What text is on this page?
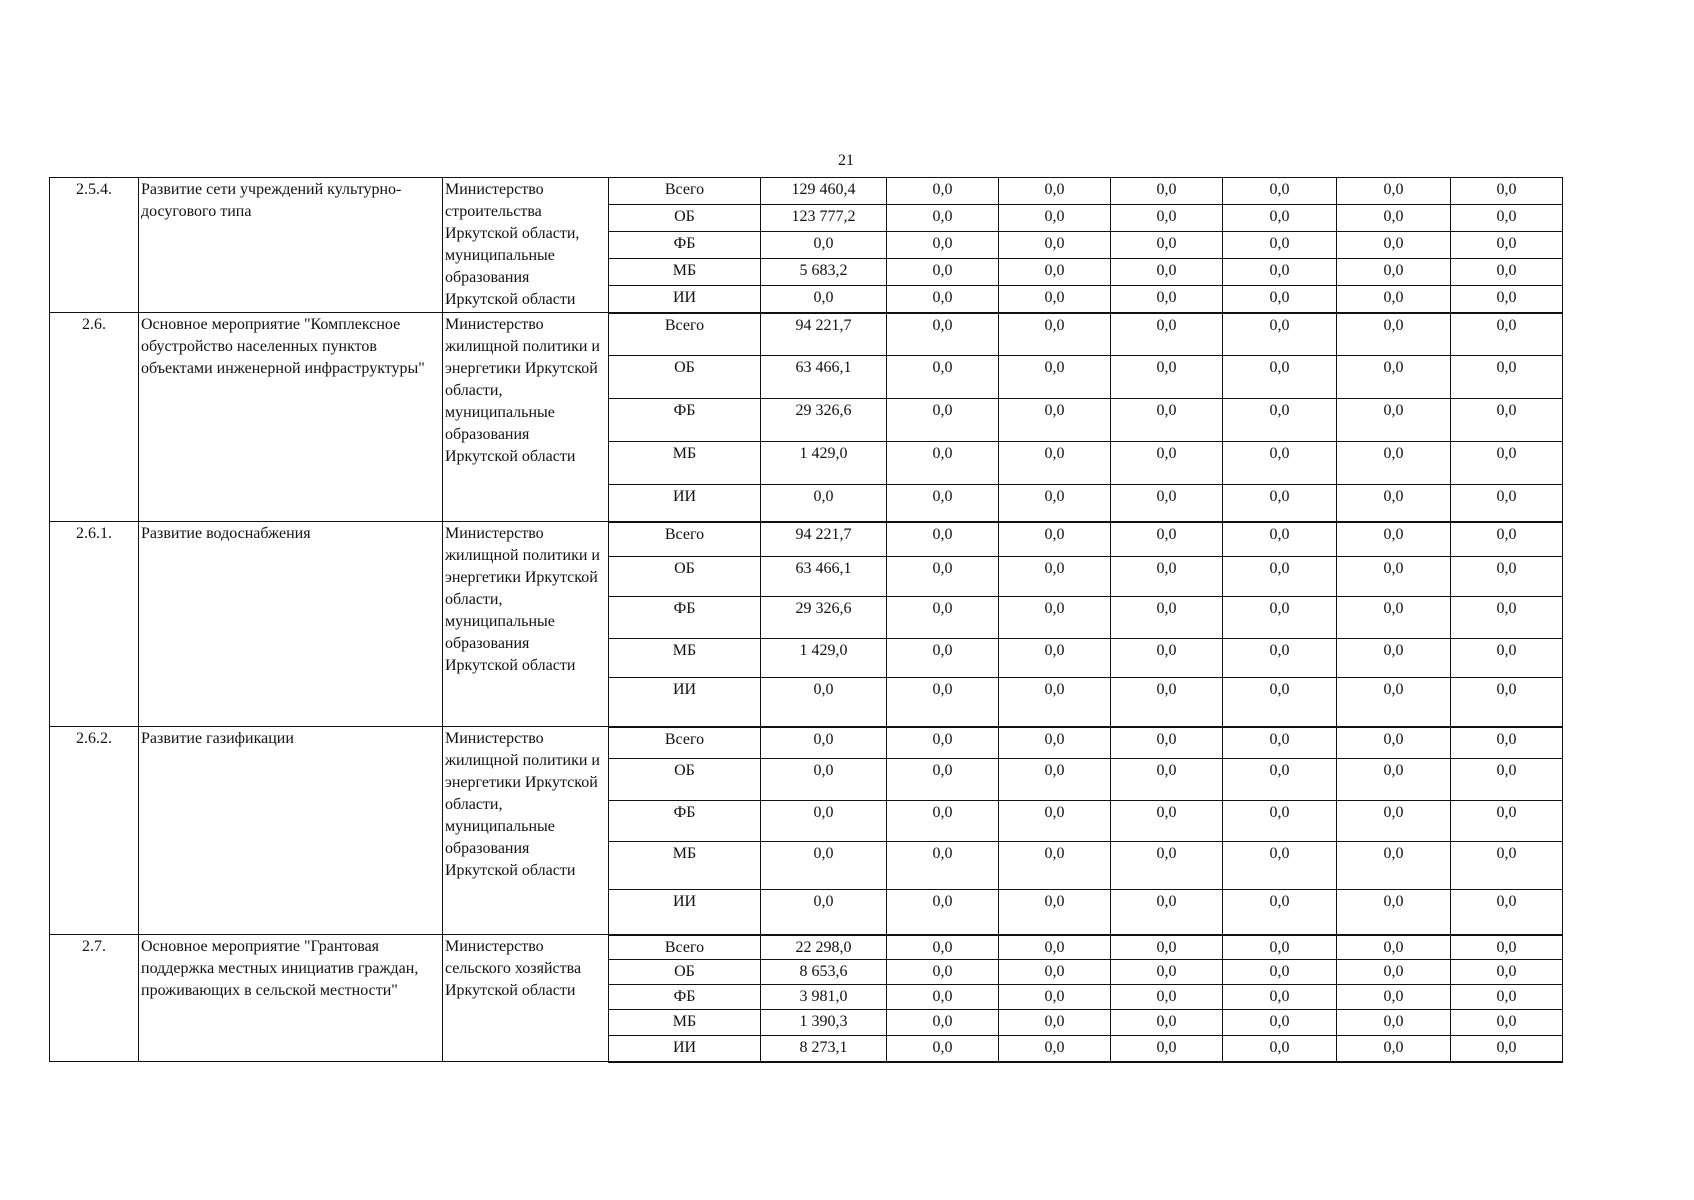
21
2.5.4.	Развитие сети учреждений культурно-досугового типа	Министерство строительства Иркутской области, муниципальные образования Иркутской области	Всего	129 460,4	0,0	0,0	0,0	0,0	0,0	0,0
			ОБ	123 777,2	0,0	0,0	0,0	0,0	0,0	0,0
			ФБ	0,0	0,0	0,0	0,0	0,0	0,0	0,0
			МБ	5 683,2	0,0	0,0	0,0	0,0	0,0	0,0
			ИИ	0,0	0,0	0,0	0,0	0,0	0,0	0,0
2.6.	Основное мероприятие "Комплексное обустройство населенных пунктов объектами инженерной инфраструктуры"	Министерство жилищной политики и энергетики Иркутской области, муниципальные образования Иркутской области	Всего	94 221,7	0,0	0,0	0,0	0,0	0,0	0,0
			ОБ	63 466,1	0,0	0,0	0,0	0,0	0,0	0,0
			ФБ	29 326,6	0,0	0,0	0,0	0,0	0,0	0,0
			МБ	1 429,0	0,0	0,0	0,0	0,0	0,0	0,0
			ИИ	0,0	0,0	0,0	0,0	0,0	0,0	0,0
2.6.1.	Развитие водоснабжения	Министерство жилищной политики и энергетики Иркутской области, муниципальные образования Иркутской области	Всего	94 221,7	0,0	0,0	0,0	0,0	0,0	0,0
			ОБ	63 466,1	0,0	0,0	0,0	0,0	0,0	0,0
			ФБ	29 326,6	0,0	0,0	0,0	0,0	0,0	0,0
			МБ	1 429,0	0,0	0,0	0,0	0,0	0,0	0,0
			ИИ	0,0	0,0	0,0	0,0	0,0	0,0	0,0
2.6.2.	Развитие газификации	Министерство жилищной политики и энергетики Иркутской области, муниципальные образования Иркутской области	Всего	0,0	0,0	0,0	0,0	0,0	0,0	0,0
			ОБ	0,0	0,0	0,0	0,0	0,0	0,0	0,0
			ФБ	0,0	0,0	0,0	0,0	0,0	0,0	0,0
			МБ	0,0	0,0	0,0	0,0	0,0	0,0	0,0
			ИИ	0,0	0,0	0,0	0,0	0,0	0,0	0,0
2.7.	Основное мероприятие "Грантовая поддержка местных инициатив граждан, проживающих в сельской местности"	Министерство сельского хозяйства Иркутской области	Всего	22 298,0	0,0	0,0	0,0	0,0	0,0	0,0
			ОБ	8 653,6	0,0	0,0	0,0	0,0	0,0	0,0
			ФБ	3 981,0	0,0	0,0	0,0	0,0	0,0	0,0
			МБ	1 390,3	0,0	0,0	0,0	0,0	0,0	0,0
			ИИ	8 273,1	0,0	0,0	0,0	0,0	0,0	0,0
